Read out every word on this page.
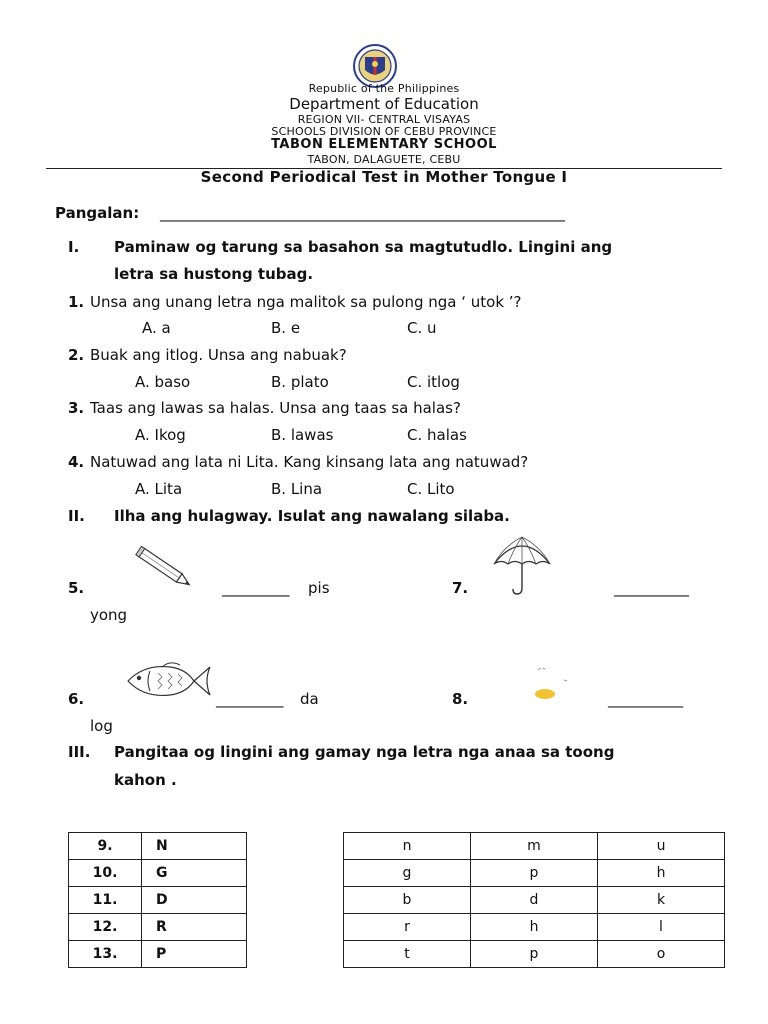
Republic of the Philippines
Department of Education
REGION VII- CENTRAL VISAYAS
SCHOOLS DIVISION OF CEBU PROVINCE
TABON ELEMENTARY SCHOOL
TABON, DALAGUETE, CEBU
Second Periodical Test in Mother Tongue I
Pangalan: ______________________________________________________
I. Paminaw og tarung sa basahon sa magtutudlo. Lingini ang
letra sa hustong tubag.
1. Unsa ang unang letra nga malitok sa pulong nga ‘ utok ’?
A. a	B. e	C. u
2. Buak ang itlog. Unsa ang nabuak?
A. baso	B. plato	C. itlog
3. Taas ang lawas sa halas. Unsa ang taas sa halas?
A. Ikog	B. lawas	C. halas
4. Natuwad ang lata ni Lita. Kang kinsang lata ang natuwad?
A. Lita	B. Lina	C. Lito
II. Ilha ang hulagway. Isulat ang nawalang silaba.
5.	_________ pis	7.	__________
yong
6.	_________ da	8.	__________
log
III. Pangitaa og lingini ang gamay nga letra nga anaa sa toong
kahon .
9.	N
10.	G
11.	D
12.	R
13.	P
n	m	u
g	p	h
b	d	k
r	h	l
t	p	o
